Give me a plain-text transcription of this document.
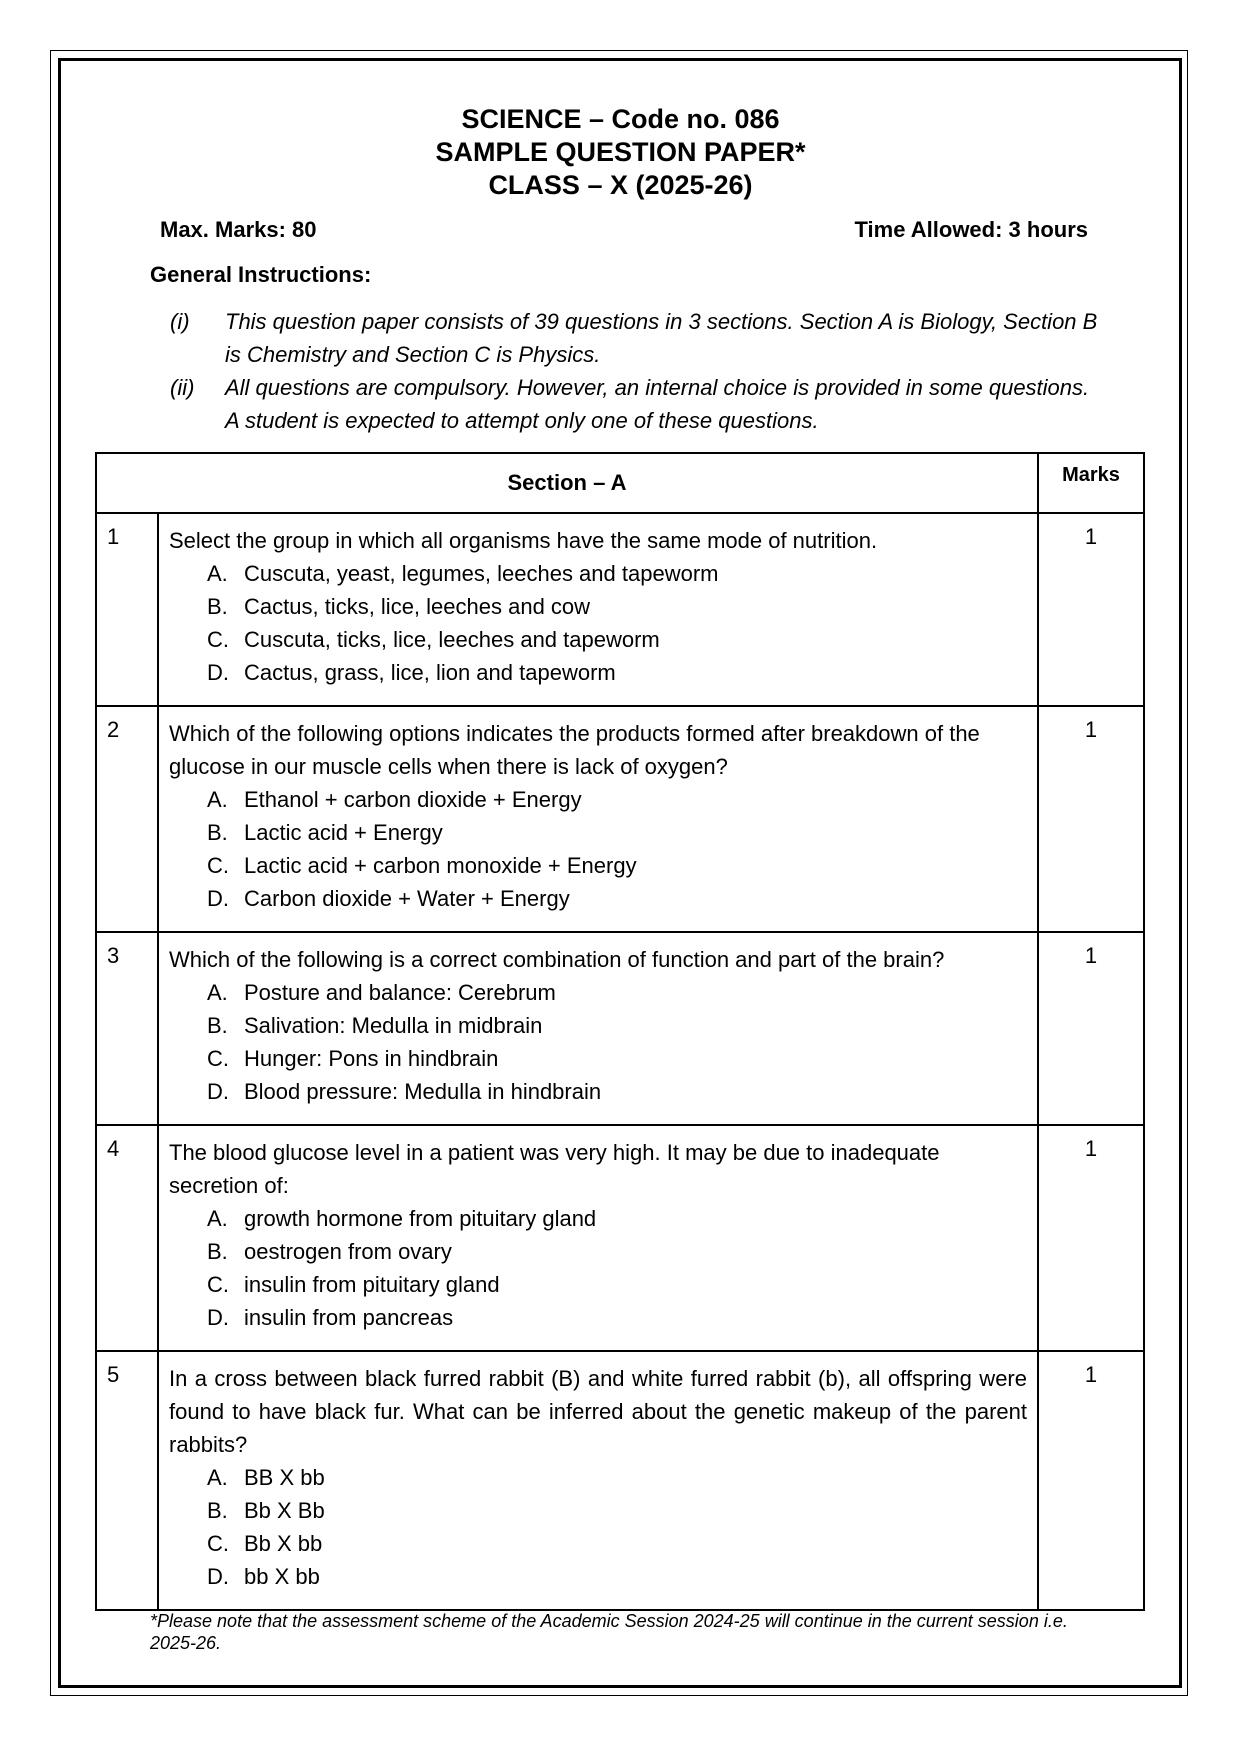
SCIENCE – Code no. 086
SAMPLE QUESTION PAPER*
CLASS – X (2025-26)
Max. Marks: 80	Time Allowed: 3 hours
General Instructions:
(i)	This question paper consists of 39 questions in 3 sections. Section A is Biology, Section B is Chemistry and Section C is Physics.
(ii)	All questions are compulsory. However, an internal choice is provided in some questions. A student is expected to attempt only one of these questions.
Section – A		Marks
1	Select the group in which all organisms have the same mode of nutrition.
A. Cuscuta, yeast, legumes, leeches and tapeworm
B. Cactus, ticks, lice, leeches and cow
C. Cuscuta, ticks, lice, leeches and tapeworm
D. Cactus, grass, lice, lion and tapeworm
	1
2	Which of the following options indicates the products formed after breakdown of the glucose in our muscle cells when there is lack of oxygen?
A. Ethanol + carbon dioxide + Energy
B. Lactic acid + Energy
C. Lactic acid + carbon monoxide + Energy
D. Carbon dioxide + Water + Energy
	1
3	Which of the following is a correct combination of function and part of the brain?
A. Posture and balance: Cerebrum
B. Salivation: Medulla in midbrain
C. Hunger: Pons in hindbrain
D. Blood pressure: Medulla in hindbrain
	1
4	The blood glucose level in a patient was very high. It may be due to inadequate secretion of:
A. growth hormone from pituitary gland
B. oestrogen from ovary
C. insulin from pituitary gland
D. insulin from pancreas
	1
5	In a cross between black furred rabbit (B) and white furred rabbit (b), all offspring were found to have black fur. What can be inferred about the genetic makeup of the parent rabbits?
A. BB X bb
B. Bb X Bb
C. Bb X bb
D. bb X bb
	1
*Please note that the assessment scheme of the Academic Session 2024-25 will continue in the current session i.e. 2025-26.
